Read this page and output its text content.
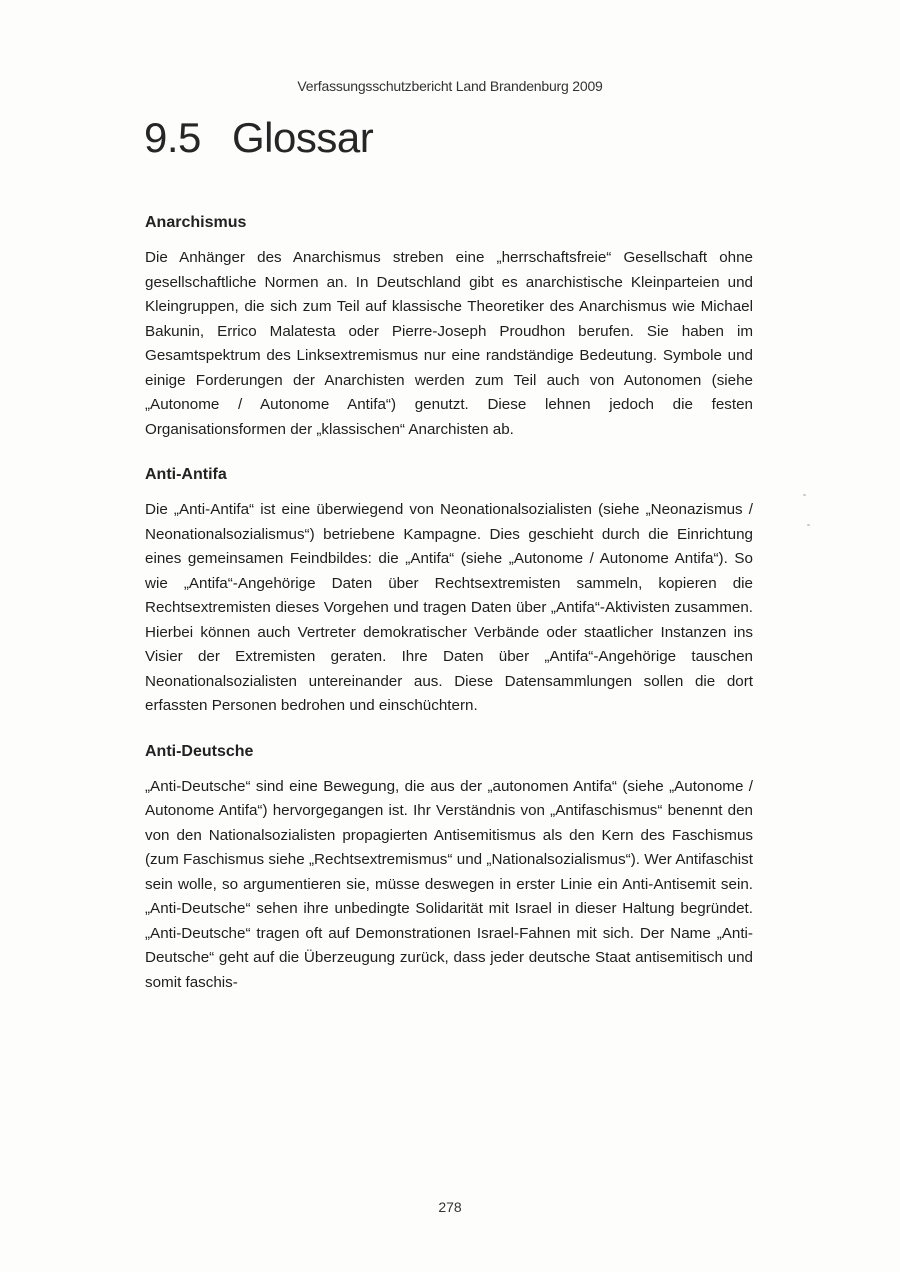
Verfassungsschutzbericht Land Brandenburg 2009
9.5 Glossar
Anarchismus

Die Anhänger des Anarchismus streben eine „herrschaftsfreie“ Gesellschaft ohne gesellschaftliche Normen an. In Deutschland gibt es anarchistische Kleinparteien und Kleingruppen, die sich zum Teil auf klassische Theoretiker des Anarchismus wie Michael Bakunin, Errico Malatesta oder Pierre-Joseph Proudhon berufen. Sie haben im Gesamtspektrum des Linksextremismus nur eine randständige Bedeutung. Symbole und einige Forderungen der Anarchisten werden zum Teil auch von Autonomen (siehe „Autonome / Autonome Antifa“) genutzt. Diese lehnen jedoch die festen Organisationsformen der „klassischen“ Anarchisten ab.

Anti-Antifa

Die „Anti-Antifa“ ist eine überwiegend von Neonationalsozialisten (siehe „Neonazismus / Neonationalsozialismus“) betriebene Kampagne. Dies geschieht durch die Einrichtung eines gemeinsamen Feindbildes: die „Antifa“ (siehe „Autonome / Autonome Antifa“). So wie „Antifa“-Angehörige Daten über Rechtsextremisten sammeln, kopieren die Rechtsextremisten dieses Vorgehen und tragen Daten über „Antifa“-Aktivisten zusammen. Hierbei können auch Vertreter demokratischer Verbände oder staatlicher Instanzen ins Visier der Extremisten geraten. Ihre Daten über „Antifa“-Angehörige tauschen Neonationalsozialisten untereinander aus. Diese Datensammlungen sollen die dort erfassten Personen bedrohen und einschüchtern.

Anti-Deutsche

„Anti-Deutsche“ sind eine Bewegung, die aus der „autonomen Antifa“ (siehe „Autonome / Autonome Antifa“) hervorgegangen ist. Ihr Verständnis von „Antifaschismus“ benennt den von den Nationalsozialisten propagierten Antisemitismus als den Kern des Faschismus (zum Faschismus siehe „Rechtsextremismus“ und „Nationalsozialismus“). Wer Antifaschist sein wolle, so argumentieren sie, müsse deswegen in erster Linie ein Anti-Antisemit sein. „Anti-Deutsche“ sehen ihre unbedingte Solidarität mit Israel in dieser Haltung begründet. „Anti-Deutsche“ tragen oft auf Demonstrationen Israel-Fahnen mit sich. Der Name „Anti-Deutsche“ geht auf die Überzeugung zurück, dass jeder deutsche Staat antisemitisch und somit faschis-

278
